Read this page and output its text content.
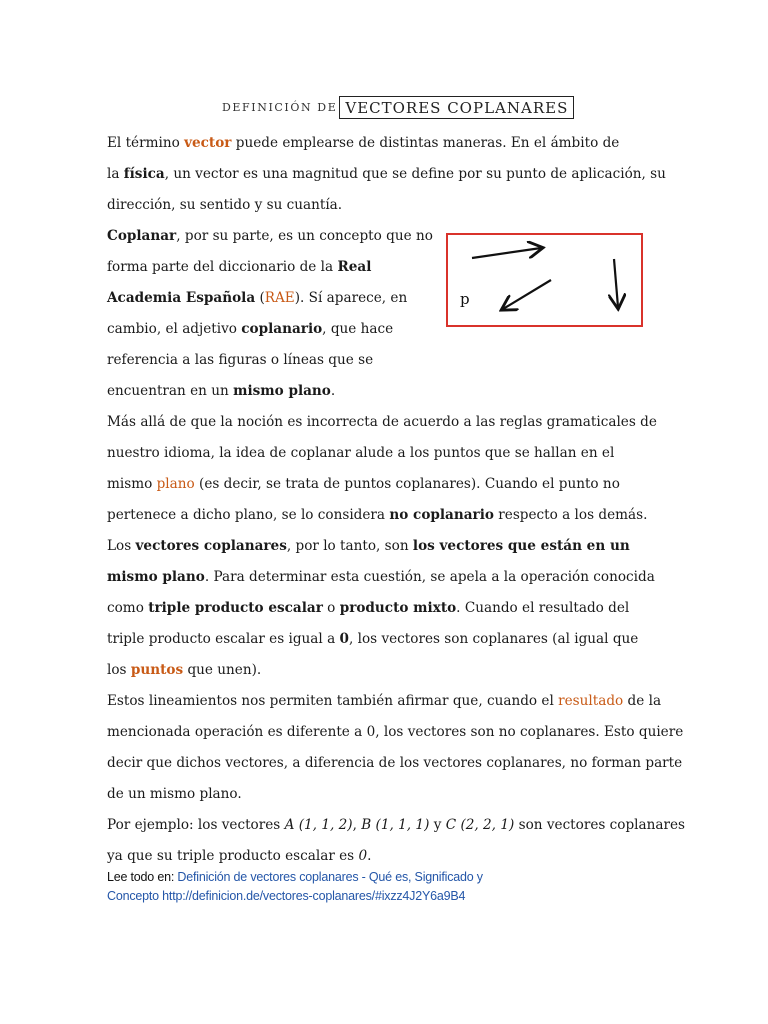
DEFINICIÓN DE VECTORES COPLANARES
El término vector puede emplearse de distintas maneras. En el ámbito de
la física, un vector es una magnitud que se define por su punto de aplicación, su
dirección, su sentido y su cuantía.
Coplanar, por su parte, es un concepto que no
forma parte del diccionario de la Real
Academia Española (RAE). Sí aparece, en
cambio, el adjetivo coplanario, que hace
referencia a las figuras o líneas que se
encuentran en un mismo plano.
p
Más allá de que la noción es incorrecta de acuerdo a las reglas gramaticales de
nuestro idioma, la idea de coplanar alude a los puntos que se hallan en el
mismo plano (es decir, se trata de puntos coplanares). Cuando el punto no
pertenece a dicho plano, se lo considera no coplanario respecto a los demás.
Los vectores coplanares, por lo tanto, son los vectores que están en un
mismo plano. Para determinar esta cuestión, se apela a la operación conocida
como triple producto escalar o producto mixto. Cuando el resultado del
triple producto escalar es igual a 0, los vectores son coplanares (al igual que
los puntos que unen).
Estos lineamientos nos permiten también afirmar que, cuando el resultado de la
mencionada operación es diferente a 0, los vectores son no coplanares. Esto quiere
decir que dichos vectores, a diferencia de los vectores coplanares, no forman parte
de un mismo plano.
Por ejemplo: los vectores A (1, 1, 2), B (1, 1, 1) y C (2, 2, 1) son vectores coplanares
ya que su triple producto escalar es 0.
Lee todo en: Definición de vectores coplanares - Qué es, Significado y
Concepto http://definicion.de/vectores-coplanares/#ixzz4J2Y6a9B4
